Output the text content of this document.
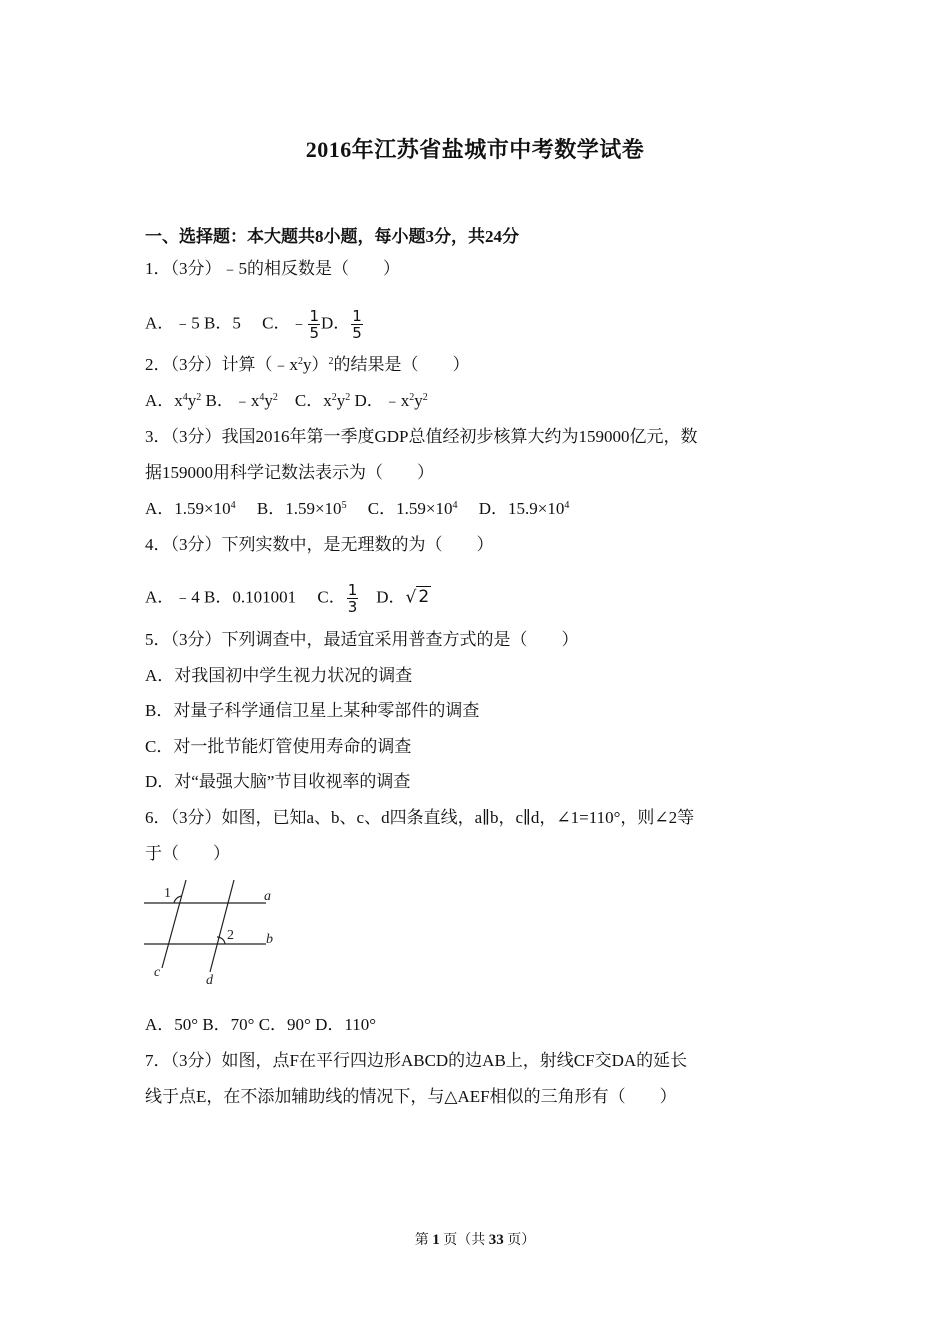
2016年江苏省盐城市中考数学试卷
一、选择题：本大题共8小题，每小题3分，共24分
1．（3分）﹣5的相反数是（　　）
A．﹣5 B．5　 C．﹣ $\frac{1}{5}$ D． $\frac{1}{5}$
2．（3分）计算$(﹣x^2y)^2$的结果是（　　）
A．$x^4y^2$ B．$﹣x^4y^2$　C．$x^2y^2$ D．$﹣x^2y^2$
3．（3分）我国2016年第一季度GDP总值经初步核算大约为159000亿元，数
据159000用科学记数法表示为（　　）
A．$1.59\times 10^4$　 B．$1.59\times 10^5$　 C．$1.59\times 10^4$　 D．$15.9\times 10^4$
4．（3分）下列实数中，是无理数的为（　　）
A．﹣4 B．0.101001　 C． $\frac{1}{3}$
　 D．√ 2
5．（3分）下列调查中，最适宜采用普查方式的是（　　）
A．对我国初中学生视力状况的调查
B．对量子科学通信卫星上某种零部件的调查
C．对一批节能灯管使用寿命的调查
D．对“最强大脑”节目收视率的调查
6．（3分）如图，已知a、b、c、d四条直线，a∥b，c∥d，∠1=110°，则∠2等
于（　　）
1
2
a
b
c
d
A．50° B．70° C．90° D．110°
7．（3分）如图，点F在平行四边形ABCD的边AB上，射线CF交DA的延长
线于点E，在不添加辅助线的情况下，与△AEF相似的三角形有（　　）
第 1 页（共 33 页）
